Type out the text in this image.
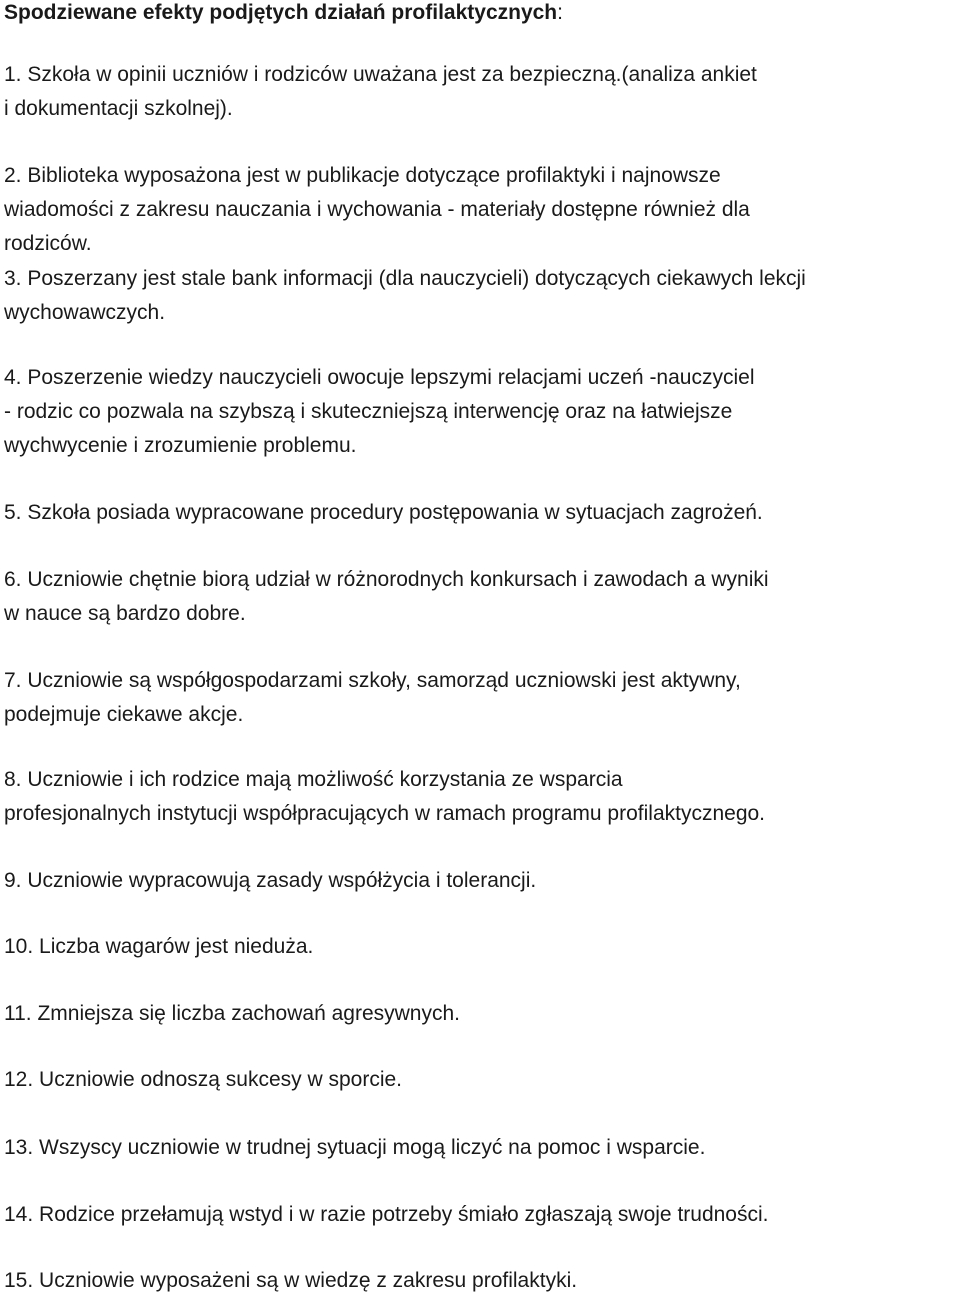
Spodziewane efekty podjętych działań profilaktycznych:

1. Szkoła w opinii uczniów i rodziców uważana jest za bezpieczną.(analiza ankiet
i dokumentacji szkolnej).

2. Biblioteka wyposażona jest w publikacje dotyczące profilaktyki i najnowsze
wiadomości z zakresu nauczania i wychowania - materiały dostępne również dla
rodziców.

3. Poszerzany jest stale bank informacji (dla nauczycieli) dotyczących ciekawych lekcji
wychowawczych.

4. Poszerzenie wiedzy nauczycieli owocuje lepszymi relacjami uczeń -nauczyciel
- rodzic co pozwala na szybszą i skuteczniejszą interwencję oraz na łatwiejsze
wychwycenie i zrozumienie problemu.

5. Szkoła posiada wypracowane procedury postępowania w sytuacjach zagrożeń.

6. Uczniowie chętnie biorą udział w różnorodnych konkursach i zawodach a wyniki
w nauce są bardzo dobre.

7. Uczniowie są współgospodarzami szkoły, samorząd uczniowski jest aktywny,
podejmuje ciekawe akcje.

8. Uczniowie i ich rodzice mają możliwość korzystania ze wsparcia
profesjonalnych instytucji współpracujących w ramach programu profilaktycznego.

9. Uczniowie wypracowują zasady współżycia i tolerancji.

10. Liczba wagarów jest nieduża.

11. Zmniejsza się liczba zachowań agresywnych.

12. Uczniowie odnoszą sukcesy w sporcie.

13. Wszyscy uczniowie w trudnej sytuacji mogą liczyć na pomoc i wsparcie.

14. Rodzice przełamują wstyd i w razie potrzeby śmiało zgłaszają swoje trudności.

15. Uczniowie wyposażeni są w wiedzę z zakresu profilaktyki.
